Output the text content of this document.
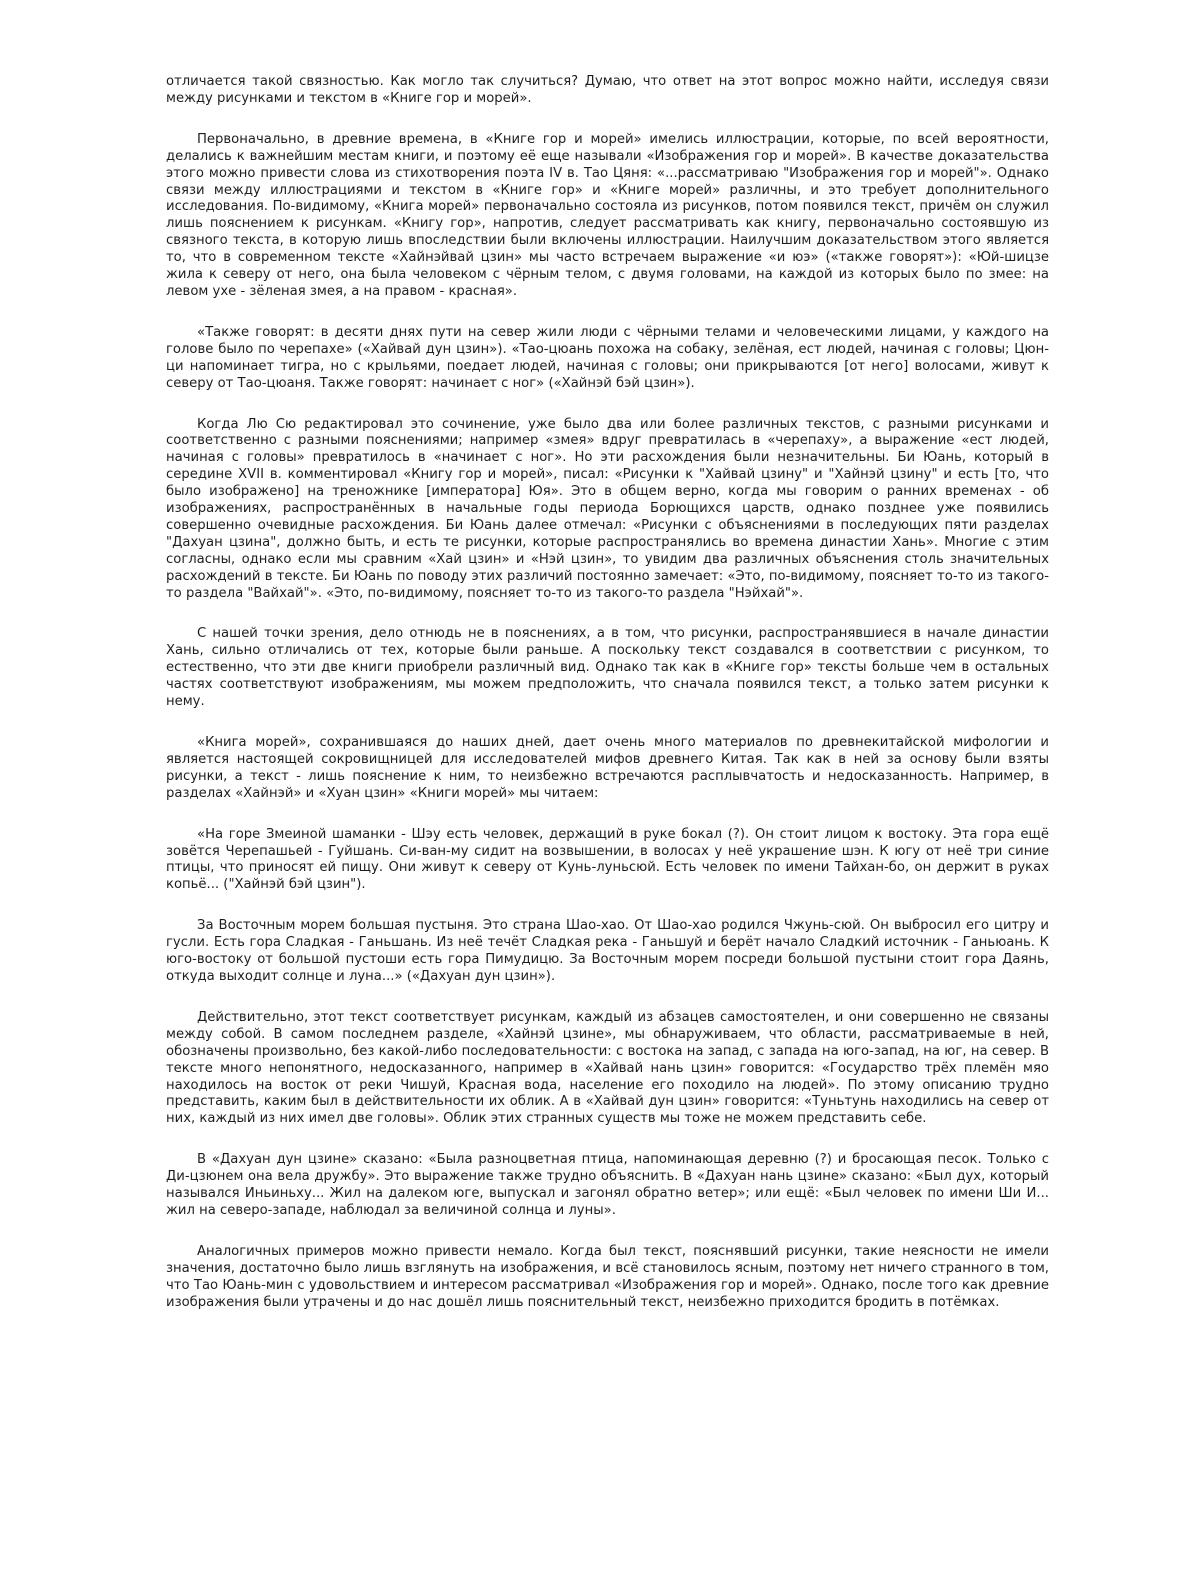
отличается такой связностью. Как могло так случиться? Думаю, что ответ на этот вопрос можно найти, исследуя связи между рисунками и текстом в «Книге гор и морей».

Первоначально, в древние времена, в «Книге гор и морей» имелись иллюстрации, которые, по всей вероятности, делались к важнейшим местам книги, и поэтому её еще называли «Изображения гор и морей». В качестве доказательства этого можно привести слова из стихотворения поэта IV в. Тао Цяня: «...рассматриваю "Изображения гор и морей"». Однако связи между иллюстрациями и текстом в «Книге гор» и «Книге морей» различны, и это требует дополнительного исследования. По-видимому, «Книга морей» первоначально состояла из рисунков, потом появился текст, причём он служил лишь пояснением к рисункам. «Книгу гор», напротив, следует рассматривать как книгу, первоначально состоявшую из связного текста, в которую лишь впоследствии были включены иллюстрации. Наилучшим доказательством этого является то, что в современном тексте «Хайнэйвай цзин» мы часто встречаем выражение «и юэ» («также говорят»): «Юй-шицзе жила к северу от него, она была человеком с чёрным телом, с двумя головами, на каждой из которых было по змее: на левом ухе - зёленая змея, а на правом - красная».

«Также говорят: в десяти днях пути на север жили люди с чёрными телами и человеческими лицами, у каждого на голове было по черепахе» («Хайвай дун цзин»). «Тао-цюань похожа на собаку, зелёная, ест людей, начиная с головы; Цюн-ци напоминает тигра, но с крыльями, поедает людей, начиная с головы; они прикрываются [от него] волосами, живут к северу от Тао-цюаня. Также говорят: начинает с ног» («Хайнэй бэй цзин»).

Когда Лю Сю редактировал это сочинение, уже было два или более различных текстов, с разными рисунками и соответственно с разными пояснениями; например «змея» вдруг превратилась в «черепаху», а выражение «ест людей, начиная с головы» превратилось в «начинает с ног». Но эти расхождения были незначительны. Би Юань, который в середине XVII в. комментировал «Книгу гор и морей», писал: «Рисунки к "Хайвай цзину" и "Хайнэй цзину" и есть [то, что было изображено] на треножнике [императора] Юя». Это в общем верно, когда мы говорим о ранних временах - об изображениях, распространённых в начальные годы периода Борющихся царств, однако позднее уже появились совершенно очевидные расхождения. Би Юань далее отмечал: «Рисунки с объяснениями в последующих пяти разделах "Дахуан цзина", должно быть, и есть те рисунки, которые распространялись во времена династии Хань». Многие с этим согласны, однако если мы сравним «Хай цзин» и «Нэй цзин», то увидим два различных объяснения столь значительных расхождений в тексте. Би Юань по поводу этих различий постоянно замечает: «Это, по-видимому, поясняет то-то из такого-то раздела "Вайхай"». «Это, по-видимому, поясняет то-то из такого-то раздела "Нэйхай"».

С нашей точки зрения, дело отнюдь не в пояснениях, а в том, что рисунки, распространявшиеся в начале династии Хань, сильно отличались от тех, которые были раньше. А поскольку текст создавался в соответствии с рисунком, то естественно, что эти две книги приобрели различный вид. Однако так как в «Книге гор» тексты больше чем в остальных частях соответствуют изображениям, мы можем предположить, что сначала появился текст, а только затем рисунки к нему.

«Книга морей», сохранившаяся до наших дней, дает очень много материалов по древнекитайской мифологии и является настоящей сокровищницей для исследователей мифов древнего Китая. Так как в ней за основу были взяты рисунки, а текст - лишь пояснение к ним, то неизбежно встречаются расплывчатость и недосказанность. Например, в разделах «Хайнэй» и «Хуан цзин» «Книги морей» мы читаем:

«На горе Змеиной шаманки - Шэу есть человек, держащий в руке бокал (?). Он стоит лицом к востоку. Эта гора ещё зовётся Черепашьей - Гуйшань. Си-ван-му сидит на возвышении, в волосах у неё украшение шэн. К югу от неё три синие птицы, что приносят ей пищу. Они живут к северу от Кунь-луньсюй. Есть человек по имени Тайхан-бо, он держит в руках копьё... ("Хайнэй бэй цзин").

За Восточным морем большая пустыня. Это страна Шао-хао. От Шао-хао родился Чжунь-сюй. Он выбросил его цитру и гусли. Есть гора Сладкая - Ганьшань. Из неё течёт Сладкая река - Ганьшуй и берёт начало Сладкий источник - Ганьюань. К юго-востоку от большой пустоши есть гора Пимудицю. За Восточным морем посреди большой пустыни стоит гора Даянь, откуда выходит солнце и луна...» («Дахуан дун цзин»).

Действительно, этот текст соответствует рисункам, каждый из абзацев самостоятелен, и они совершенно не связаны между собой. В самом последнем разделе, «Хайнэй цзине», мы обнаруживаем, что области, рассматриваемые в ней, обозначены произвольно, без какой-либо последовательности: с востока на запад, с запада на юго-запад, на юг, на север. В тексте много непонятного, недосказанного, например в «Хайвай нань цзин» говорится: «Государство трёх племён мяо находилось на восток от реки Чишуй, Красная вода, население его походило на людей». По этому описанию трудно представить, каким был в действительности их облик. А в «Хайвай дун цзин» говорится: «Туньтунь находились на север от них, каждый из них имел две головы». Облик этих странных существ мы тоже не можем представить себе.

В «Дахуан дун цзине» сказано: «Была разноцветная птица, напоминающая деревню (?) и бросающая песок. Только с Ди-цзюнем она вела дружбу». Это выражение также трудно объяснить. В «Дахуан нань цзине» сказано: «Был дух, который назывался Иньиньху... Жил на далеком юге, выпускал и загонял обратно ветер»; или ещё: «Был человек по имени Ши И... жил на северо-западе, наблюдал за величиной солнца и луны».

Аналогичных примеров можно привести немало. Когда был текст, пояснявший рисунки, такие неясности не имели значения, достаточно было лишь взглянуть на изображения, и всё становилось ясным, поэтому нет ничего странного в том, что Тао Юань-мин с удовольствием и интересом рассматривал «Изображения гор и морей». Однако, после того как древние изображения были утрачены и до нас дошёл лишь пояснительный текст, неизбежно приходится бродить в потёмках.
